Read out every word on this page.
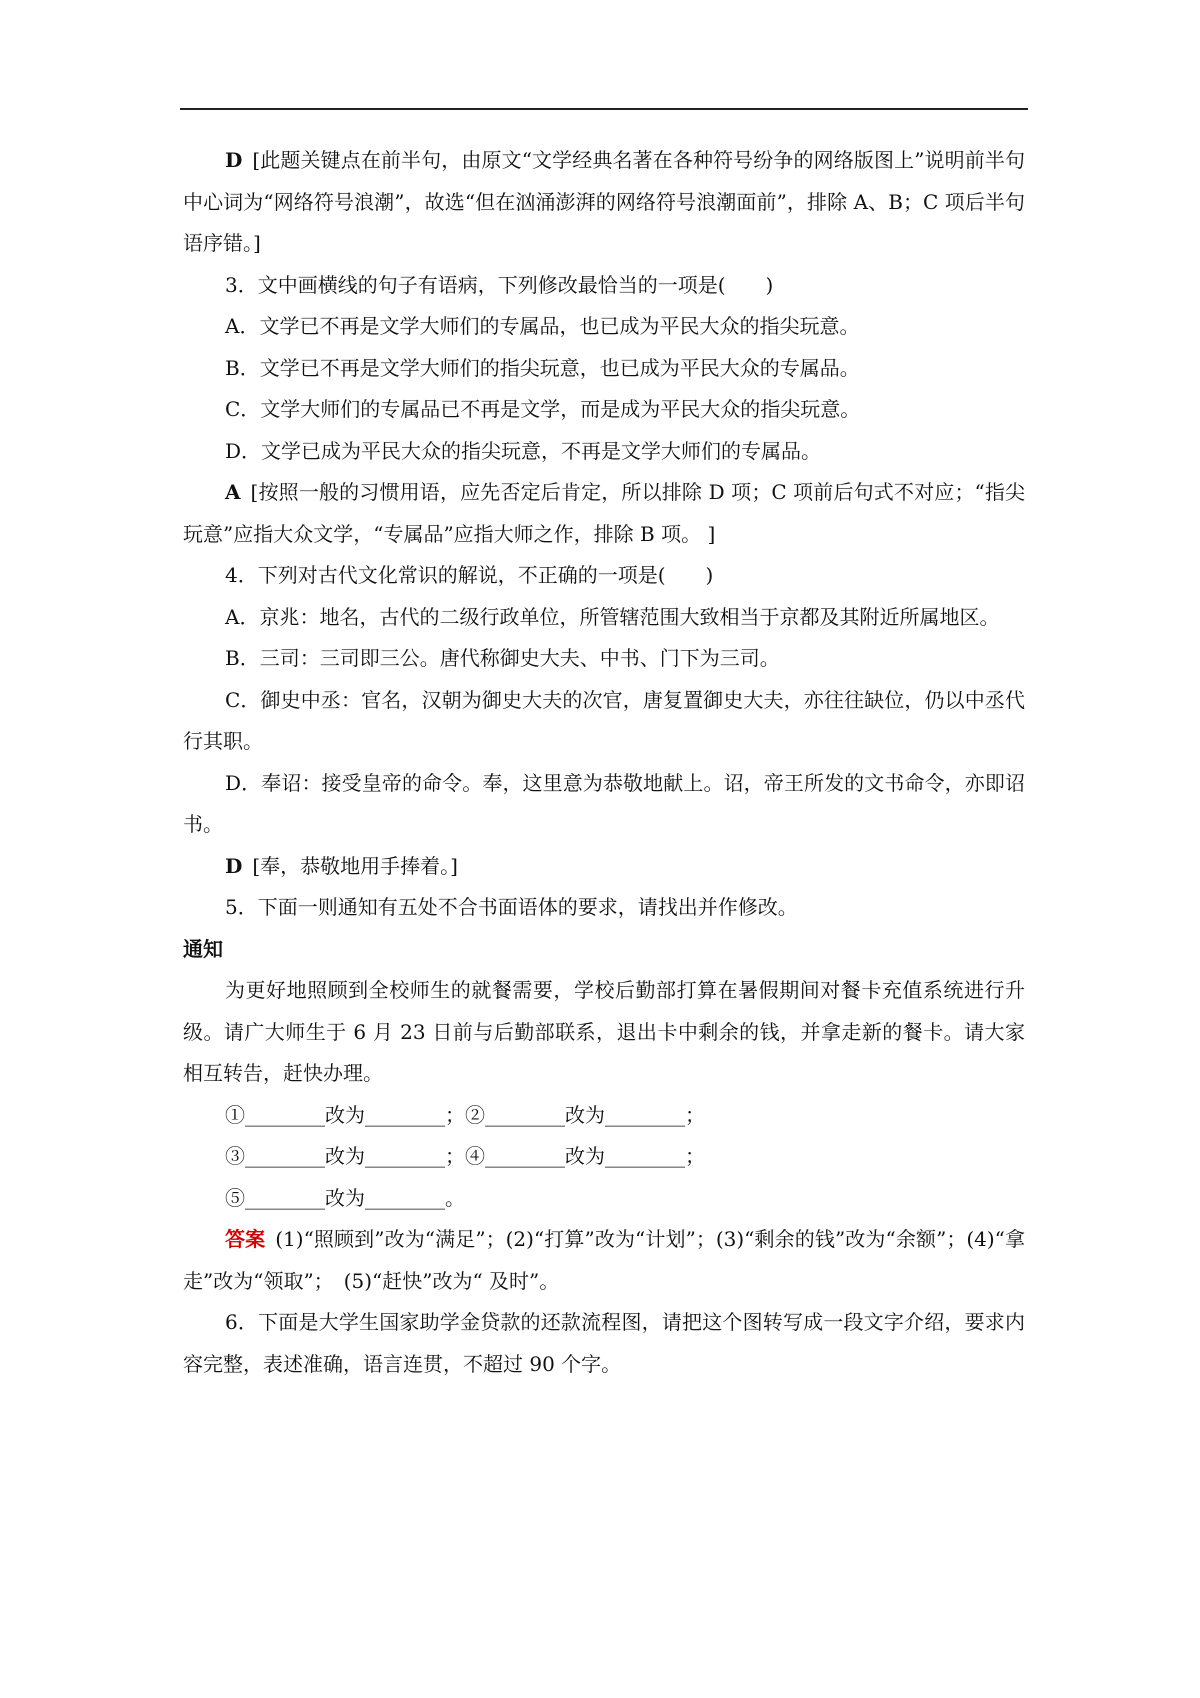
D [此题关键点在前半句，由原文“文学经典名著在各种符号纷争的网络版图上”说明前半句中心词为“网络符号浪潮”，故选“但在汹涌澎湃的网络符号浪潮面前”，排除 A、B；C 项后半句语序错。]

3．文中画横线的句子有语病，下列修改最恰当的一项是(　　)

A．文学已不再是文学大师们的专属品，也已成为平民大众的指尖玩意。

B．文学已不再是文学大师们的指尖玩意，也已成为平民大众的专属品。

C．文学大师们的专属品已不再是文学，而是成为平民大众的指尖玩意。

D．文学已成为平民大众的指尖玩意，不再是文学大师们的专属品。

A [按照一般的习惯用语，应先否定后肯定，所以排除 D 项；C 项前后句式不对应；“指尖玩意”应指大众文学，“专属品”应指大师之作，排除 B 项。 ]

4．下列对古代文化常识的解说，不正确的一项是(　　)

A．京兆：地名，古代的二级行政单位，所管辖范围大致相当于京都及其附近所属地区。

B．三司：三司即三公。唐代称御史大夫、中书、门下为三司。

C．御史中丞：官名，汉朝为御史大夫的次官，唐复置御史大夫，亦往往缺位，仍以中丞代行其职。

D．奉诏：接受皇帝的命令。奉，这里意为恭敬地献上。诏，帝王所发的文书命令，亦即诏书。

D [奉，恭敬地用手捧着。]

5．下面一则通知有五处不合书面语体的要求，请找出并作修改。

通知

为更好地照顾到全校师生的就餐需要，学校后勤部打算在暑假期间对餐卡充值系统进行升级。请广大师生于 6 月 23 日前与后勤部联系，退出卡中剩余的钱，并拿走新的餐卡。请大家相互转告，赶快办理。

①________改为________；②________改为________；

③________改为________；④________改为________；

⑤________改为________。

答案 (1)“照顾到”改为“满足”；(2)“打算”改为“计划”；(3)“剩余的钱”改为“余额”；(4)“拿走”改为“领取”；　(5)“赶快”改为“ 及时”。

6．下面是大学生国家助学金贷款的还款流程图，请把这个图转写成一段文字介绍，要求内容完整，表述准确，语言连贯，不超过 90 个字。
